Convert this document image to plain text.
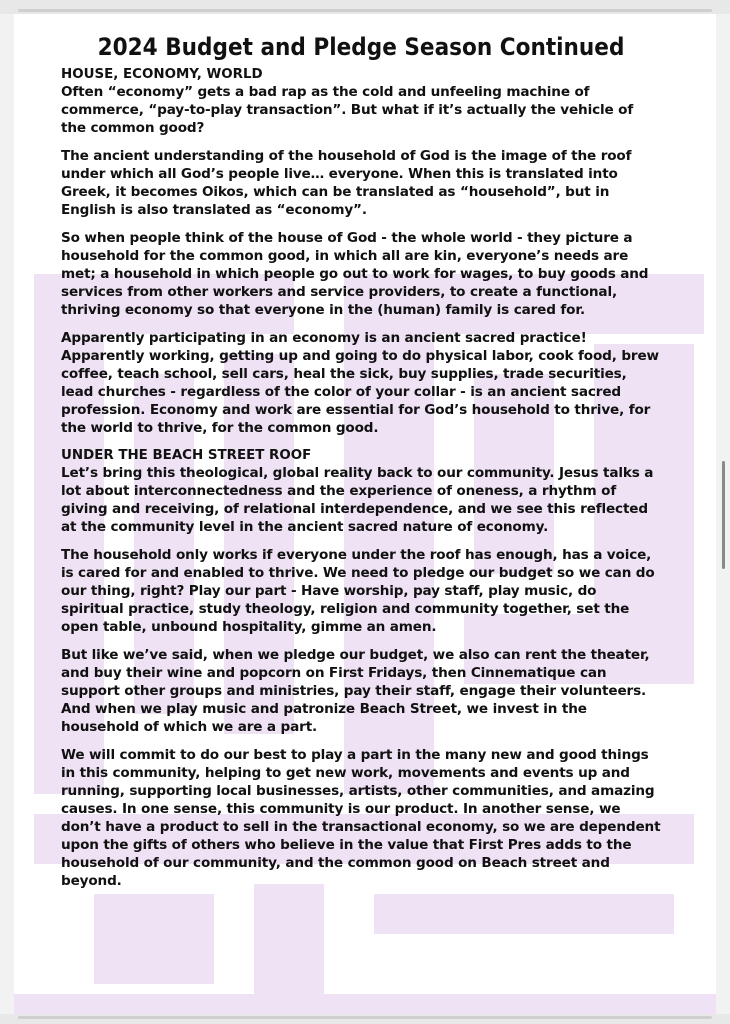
2024 Budget and Pledge Season Continued
HOUSE, ECONOMY, WORLD

Often “economy” gets a bad rap as the cold and unfeeling machine of commerce, “pay-to-play transaction”. But what if it’s actually the vehicle of the common good?

The ancient understanding of the household of God is the image of the roof under which all God’s people live… everyone. When this is translated into Greek, it becomes Oikos, which can be translated as “household”, but in English is also translated as “economy”.

So when people think of the house of God - the whole world - they picture a household for the common good, in which all are kin, everyone’s needs are met; a household in which people go out to work for wages, to buy goods and services from other workers and service providers, to create a functional, thriving economy so that everyone in the (human) family is cared for.

Apparently participating in an economy is an ancient sacred practice! Apparently working, getting up and going to do physical labor, cook food, brew coffee, teach school, sell cars, heal the sick, buy supplies, trade securities, lead churches - regardless of the color of your collar - is an ancient sacred profession. Economy and work are essential for God’s household to thrive, for the world to thrive, for the common good.

UNDER THE BEACH STREET ROOF

Let’s bring this theological, global reality back to our community. Jesus talks a lot about interconnectedness and the experience of oneness, a rhythm of giving and receiving, of relational interdependence, and we see this reflected at the community level in the ancient sacred nature of economy.

The household only works if everyone under the roof has enough, has a voice, is cared for and enabled to thrive. We need to pledge our budget so we can do our thing, right? Play our part - Have worship, pay staff, play music, do spiritual practice, study theology, religion and community together, set the open table, unbound hospitality, gimme an amen.

But like we’ve said, when we pledge our budget, we also can rent the theater, and buy their wine and popcorn on First Fridays, then Cinnematique can support other groups and ministries, pay their staff, engage their volunteers. And when we play music and patronize Beach Street, we invest in the household of which we are a part.

We will commit to do our best to play a part in the many new and good things in this community, helping to get new work, movements and events up and running, supporting local businesses, artists, other communities, and amazing causes. In one sense, this community is our product. In another sense, we don’t have a product to sell in the transactional economy, so we are dependent upon the gifts of others who believe in the value that First Pres adds to the household of our community, and the common good on Beach street and beyond.
